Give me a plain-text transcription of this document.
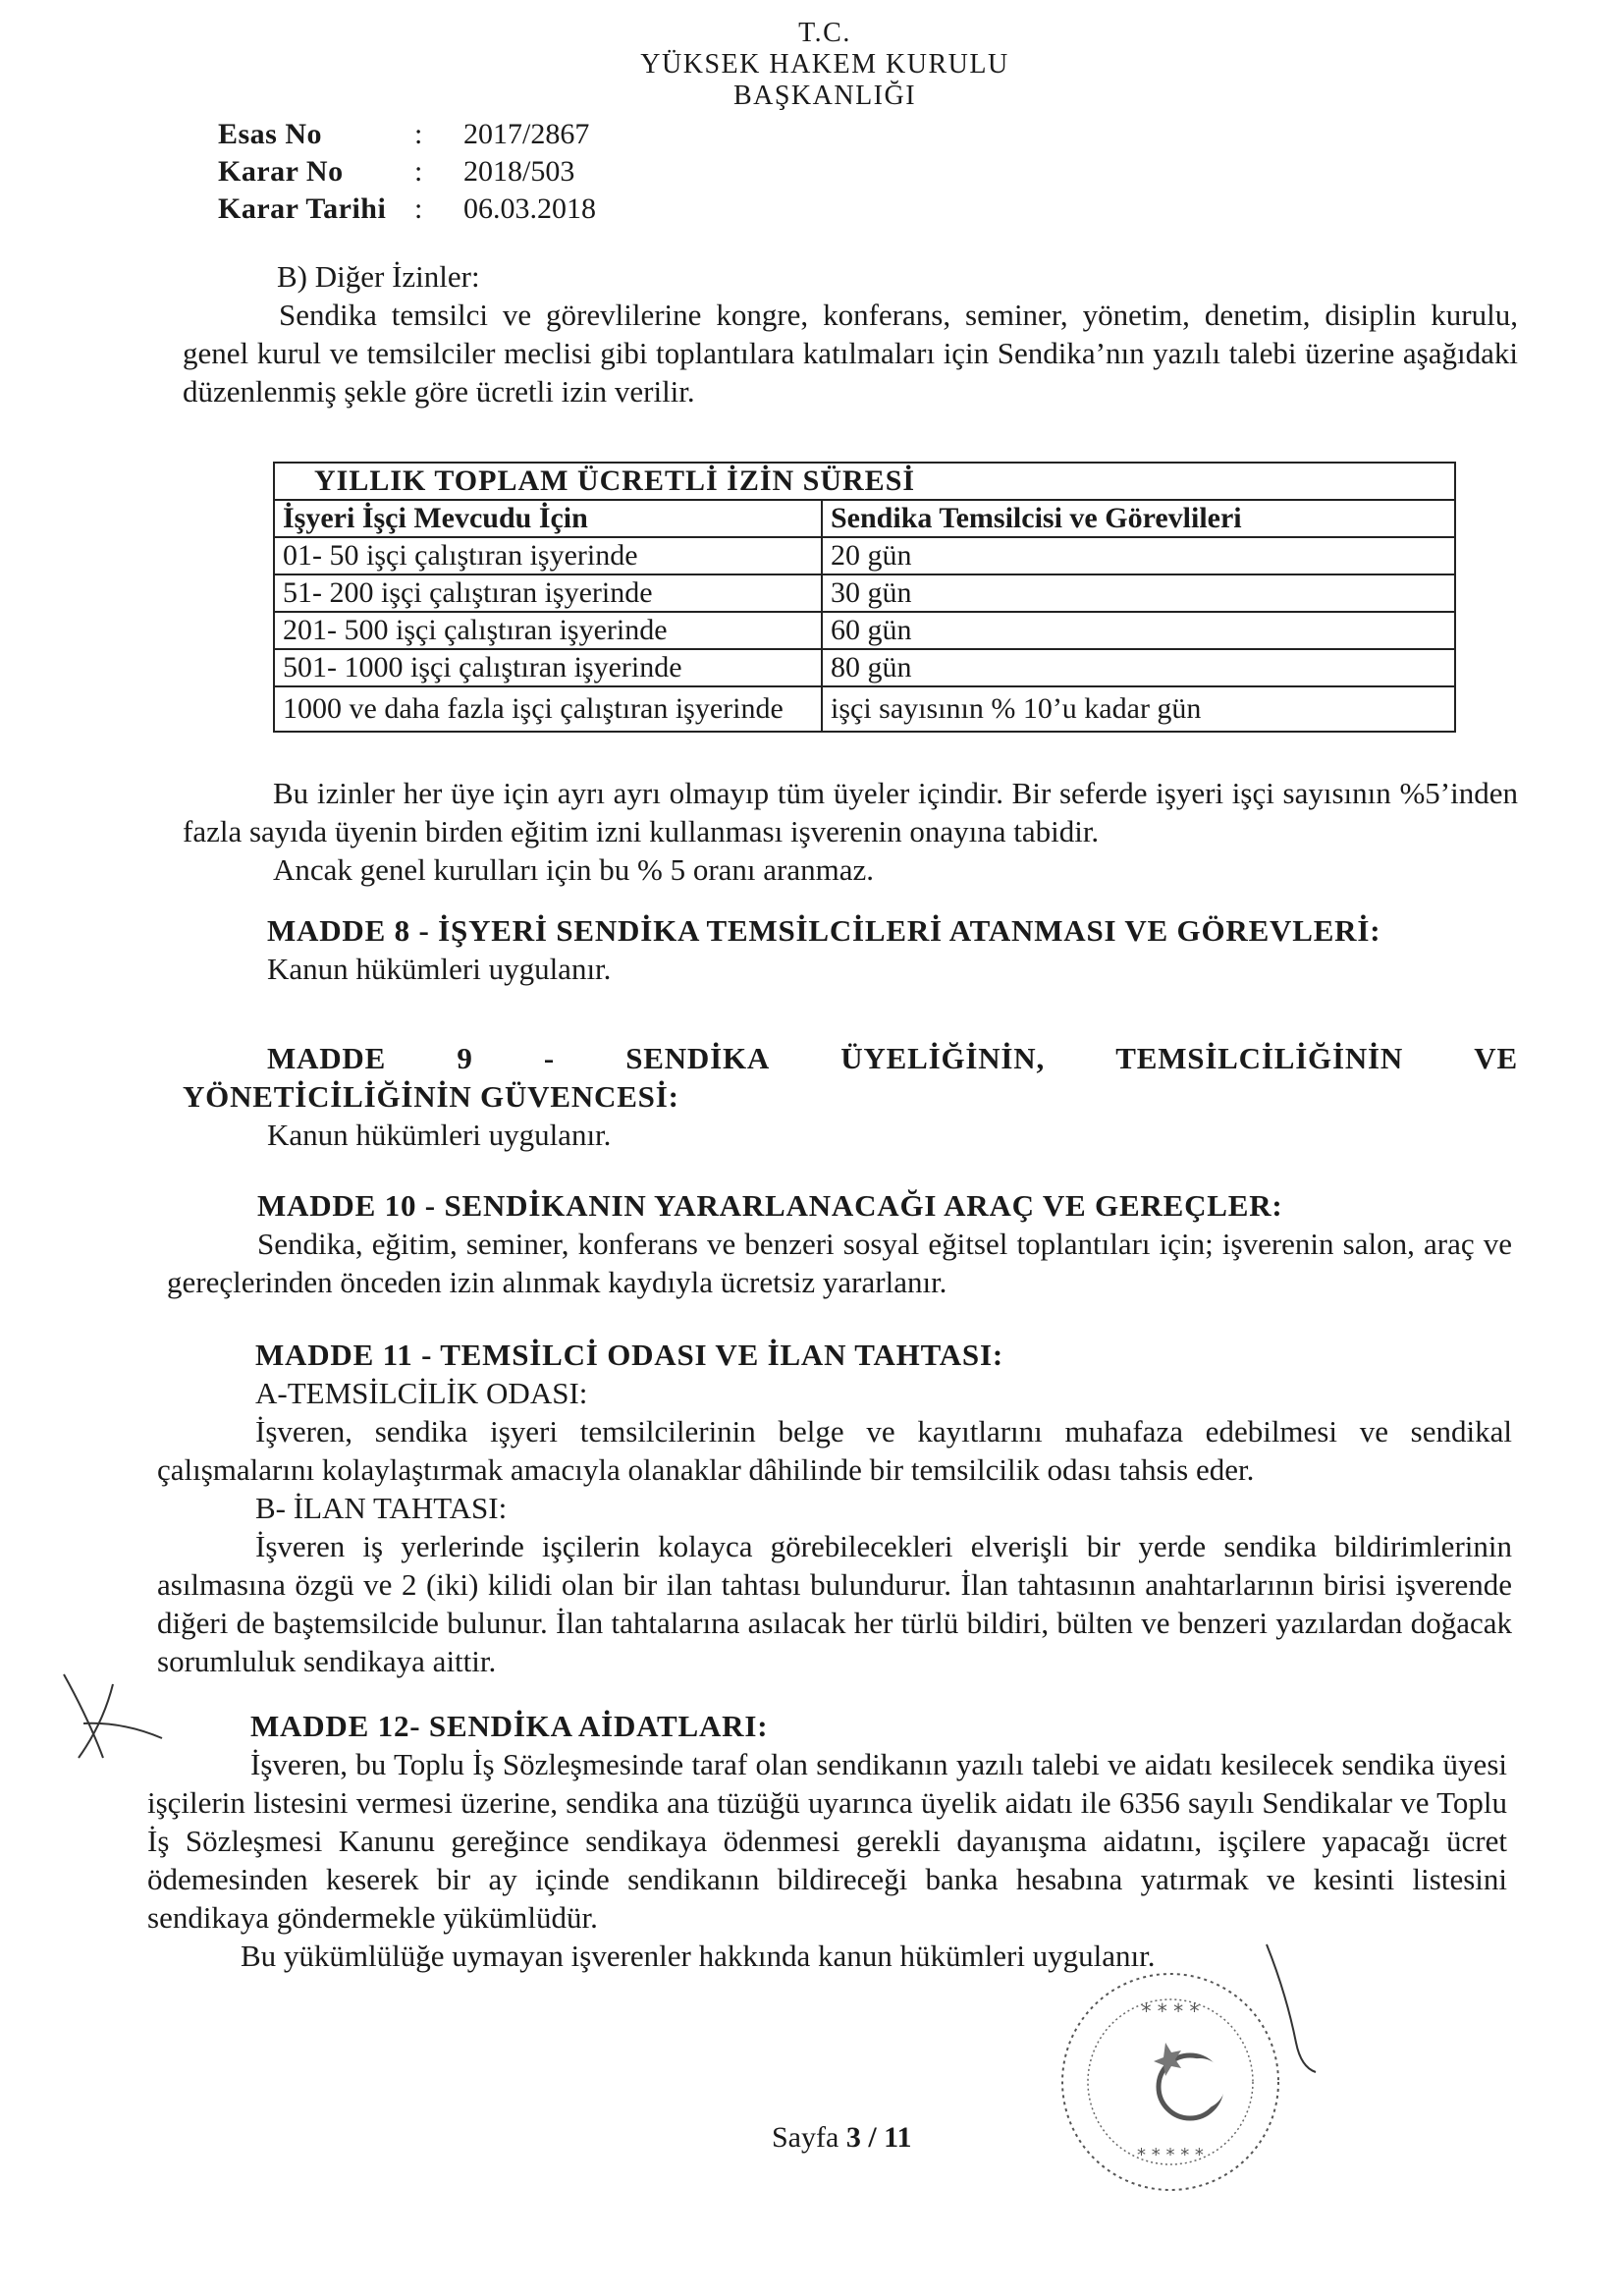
T.C.
YÜKSEK HAKEM KURULU
BAŞKANLIĞI
Esas No	: 2017/2867
Karar No : 2018/503
Karar Tarihi : 06.03.2018

B) Diğer İzinler:

Sendika temsilci ve görevlilerine kongre, konferans, seminer, yönetim, denetim, disiplin kurulu, genel kurul ve temsilciler meclisi gibi toplantılara katılmaları için Sendika’nın yazılı talebi üzerine aşağıdaki düzenlenmiş şekle göre ücretli izin verilir.

YILLIK TOPLAM ÜCRETLİ İZİN SÜRESİ	
İşyeri İşçi Mevcudu İçin	Sendika Temsilcisi ve Görevlileri
01- 50 işçi çalıştıran işyerinde	20 gün
51- 200 işçi çalıştıran işyerinde	30 gün
201- 500 işçi çalıştıran işyerinde	60 gün
501- 1000 işçi çalıştıran işyerinde	80 gün
1000 ve daha fazla işçi çalıştıran işyerinde	işçi sayısının % 10’u kadar gün

Bu izinler her üye için ayrı ayrı olmayıp tüm üyeler içindir. Bir seferde işyeri işçi sayısının %5’inden fazla sayıda üyenin birden eğitim izni kullanması işverenin onayına tabidir.

Ancak genel kurulları için bu % 5 oranı aranmaz.

MADDE 8 - İŞYERİ SENDİKA TEMSİLCİLERİ ATANMASI VE GÖREVLERİ:

Kanun hükümleri uygulanır.

MADDE 9 - SENDİKA ÜYELİĞİNİN, TEMSİLCİLİĞİNİN VE

YÖNETİCİLİĞİNİN GÜVENCESİ:

Kanun hükümleri uygulanır.

MADDE 10 - SENDİKANIN YARARLANACAĞI ARAÇ VE GEREÇLER:

Sendika, eğitim, seminer, konferans ve benzeri sosyal eğitsel toplantıları için; işverenin salon, araç ve gereçlerinden önceden izin alınmak kaydıyla ücretsiz yararlanır.

MADDE 11 - TEMSİLCİ ODASI VE İLAN TAHTASI:

A-TEMSİLCİLİK ODASI:

İşveren, sendika işyeri temsilcilerinin belge ve kayıtlarını muhafaza edebilmesi ve sendikal çalışmalarını kolaylaştırmak amacıyla olanaklar dâhilinde bir temsilcilik odası tahsis eder.

B- İLAN TAHTASI:

İşveren iş yerlerinde işçilerin kolayca görebilecekleri elverişli bir yerde sendika bildirimlerinin asılmasına özgü ve 2 (iki) kilidi olan bir ilan tahtası bulundurur. İlan tahtasının anahtarlarının birisi işverende diğeri de baştemsilcide bulunur. İlan tahtalarına asılacak her türlü bildiri, bülten ve benzeri yazılardan doğacak sorumluluk sendikaya aittir.

MADDE 12- SENDİKA AİDATLARI:

İşveren, bu Toplu İş Sözleşmesinde taraf olan sendikanın yazılı talebi ve aidatı kesilecek sendika üyesi işçilerin listesini vermesi üzerine, sendika ana tüzüğü uyarınca üyelik aidatı ile 6356 sayılı Sendikalar ve Toplu İş Sözleşmesi Kanunu gereğince sendikaya ödenmesi gerekli dayanışma aidatını, işçilere yapacağı ücret ödemesinden keserek bir ay içinde sendikanın bildireceği banka hesabına yatırmak ve kesinti listesini sendikaya göndermekle yükümlüdür.

Bu yükümlülüğe uymayan işverenler hakkında kanun hükümleri uygulanır.

Sayfa 3 / 11
* * * *
* * * * *
